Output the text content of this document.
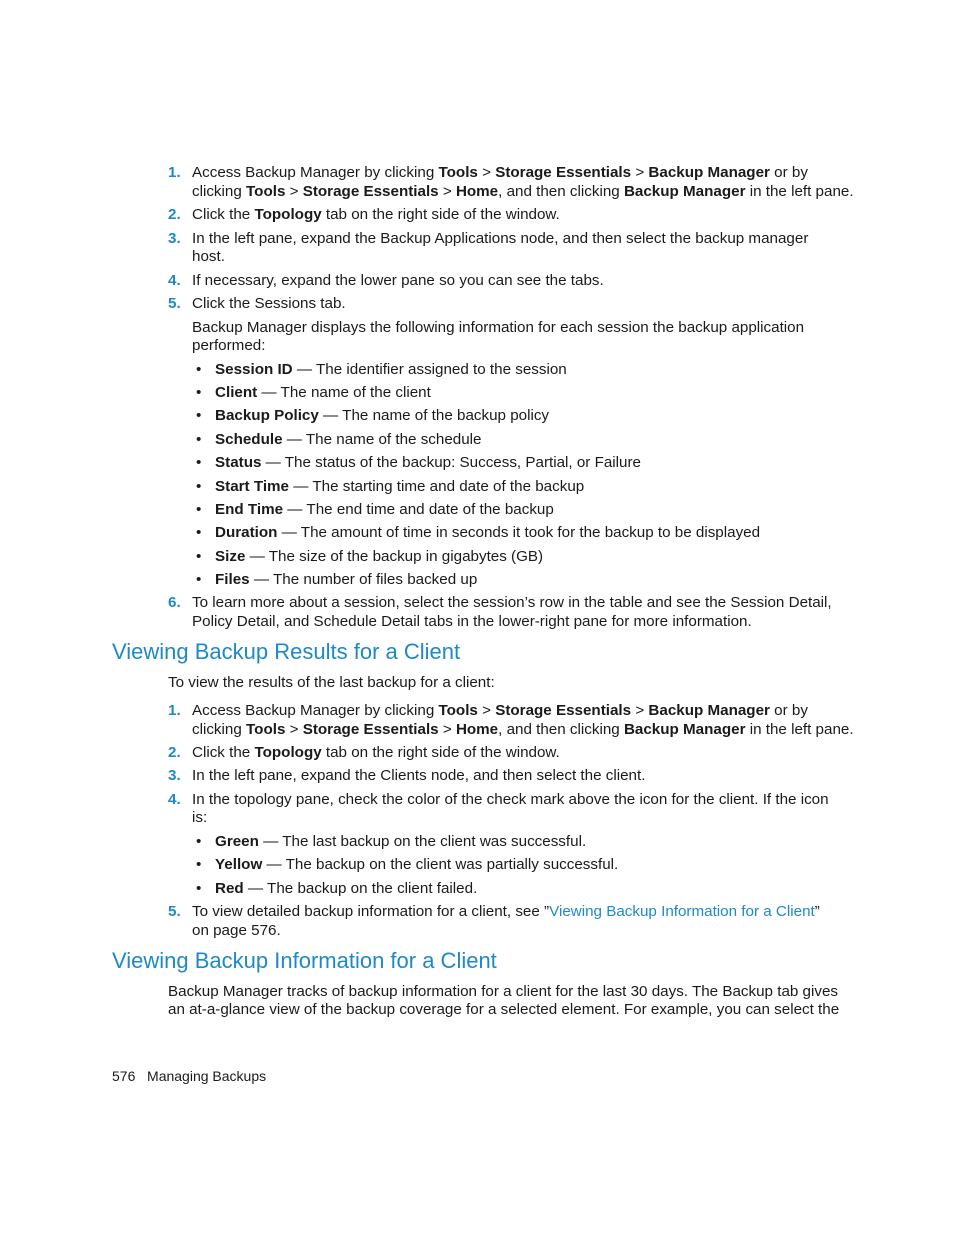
1. Access Backup Manager by clicking Tools > Storage Essentials > Backup Manager or by
clicking Tools > Storage Essentials > Home, and then clicking Backup Manager in the left pane.
2. Click the Topology tab on the right side of the window.
3. In the left pane, expand the Backup Applications node, and then select the backup manager
host.
4. If necessary, expand the lower pane so you can see the tabs.
5. Click the Sessions tab.
Backup Manager displays the following information for each session the backup application
performed:
• Session ID — The identifier assigned to the session
• Client — The name of the client
• Backup Policy — The name of the backup policy
• Schedule — The name of the schedule
• Status — The status of the backup: Success, Partial, or Failure
• Start Time — The starting time and date of the backup
• End Time — The end time and date of the backup
• Duration — The amount of time in seconds it took for the backup to be displayed
• Size — The size of the backup in gigabytes (GB)
• Files — The number of files backed up
6. To learn more about a session, select the session’s row in the table and see the Session Detail,
Policy Detail, and Schedule Detail tabs in the lower-right pane for more information.
Viewing Backup Results for a Client
To view the results of the last backup for a client:
1. Access Backup Manager by clicking Tools > Storage Essentials > Backup Manager or by
clicking Tools > Storage Essentials > Home, and then clicking Backup Manager in the left pane.
2. Click the Topology tab on the right side of the window.
3. In the left pane, expand the Clients node, and then select the client.
4. In the topology pane, check the color of the check mark above the icon for the client. If the icon
is:
• Green — The last backup on the client was successful.
• Yellow — The backup on the client was partially successful.
• Red — The backup on the client failed.
5. To view detailed backup information for a client, see ”Viewing Backup Information for a Client”
on page 576.
Viewing Backup Information for a Client
Backup Manager tracks of backup information for a client for the last 30 days. The Backup tab gives
an at-a-glance view of the backup coverage for a selected element. For example, you can select the
576 Managing Backups
